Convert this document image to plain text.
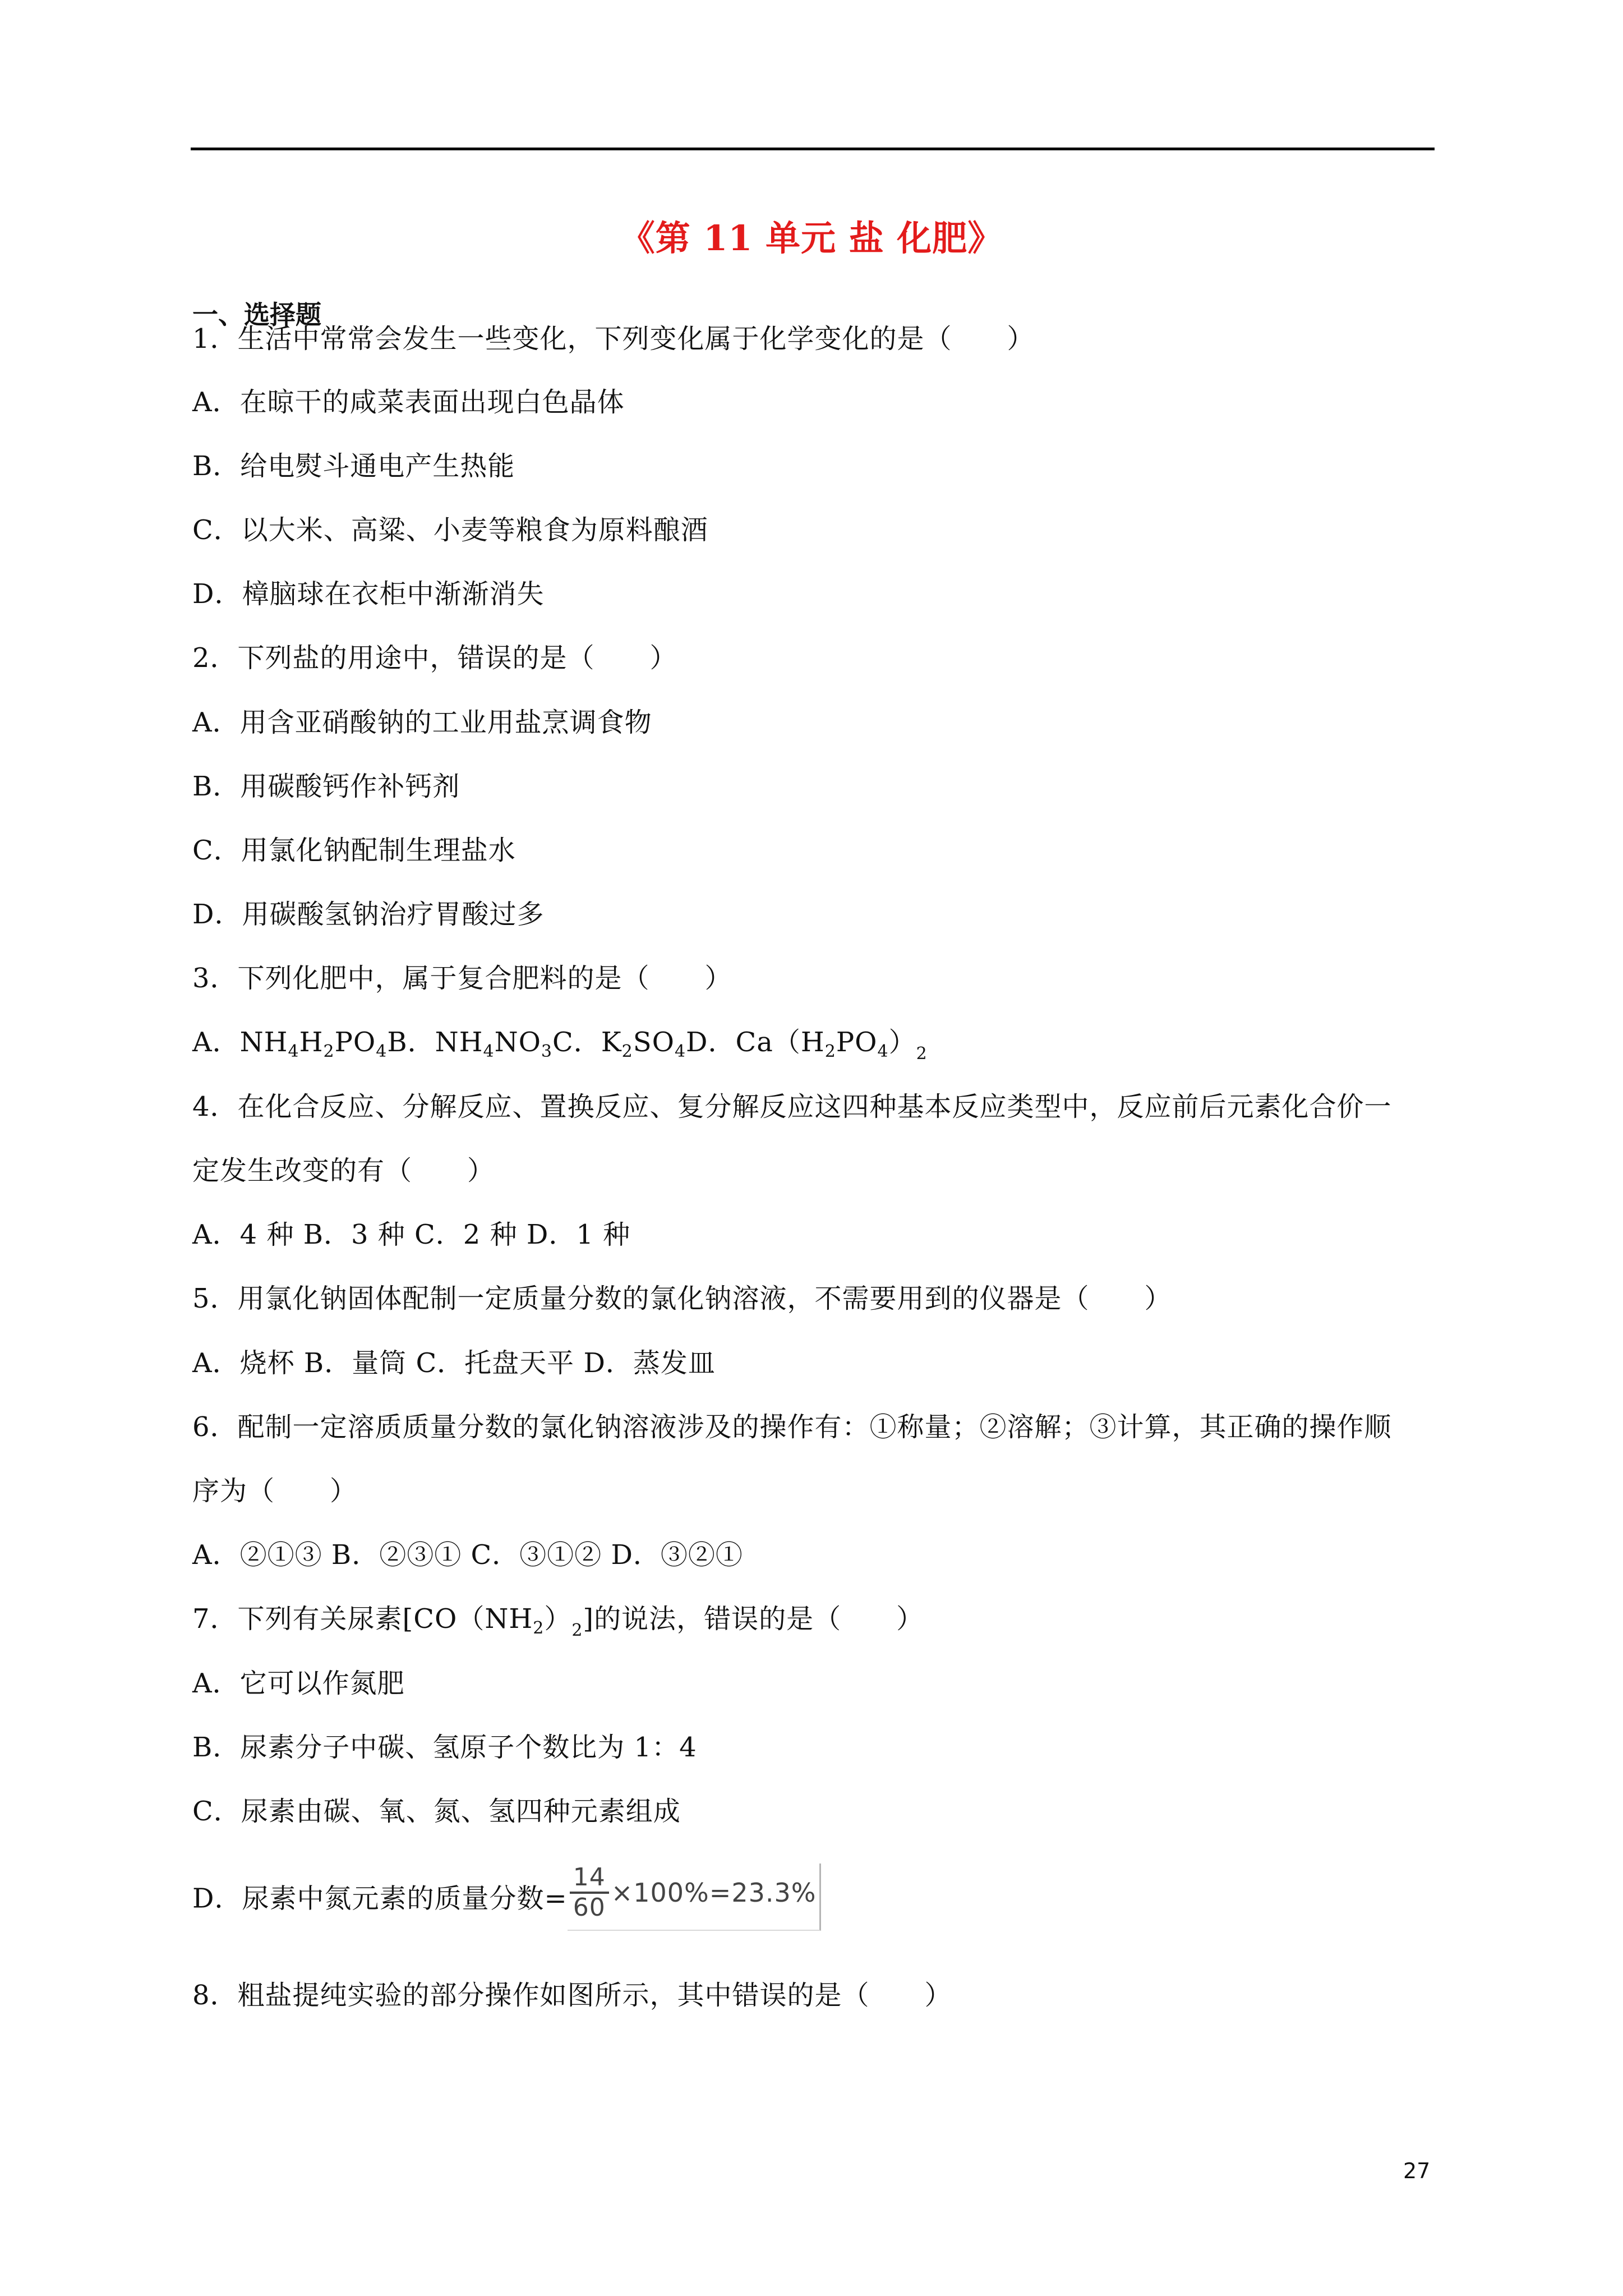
《第 11 单元 盐 化肥》
一、选择题
1．生活中常常会发生一些变化，下列变化属于化学变化的是（　　）
A．在晾干的咸菜表面出现白色晶体
B．给电熨斗通电产生热能
C．以大米、高粱、小麦等粮食为原料酿酒
D．樟脑球在衣柜中渐渐消失
2．下列盐的用途中，错误的是（　　）
A．用含亚硝酸钠的工业用盐烹调食物
B．用碳酸钙作补钙剂
C．用氯化钠配制生理盐水
D．用碳酸氢钠治疗胃酸过多
3．下列化肥中，属于复合肥料的是（　　）
A．$NH_4H_2PO_4B$．$NH_4NO_3C$．$K_2SO_4D$．$Ca(H_2PO_4)_2$
4．在化合反应、分解反应、置换反应、复分解反应这四种基本反应类型中，反应前后元素化合价一
定发生改变的有（　　）
A．4 种 B．3 种 C．2 种 D．1 种
5．用氯化钠固体配制一定质量分数的氯化钠溶液，不需要用到的仪器是（　　）
A．烧杯 B．量筒 C．托盘天平 D．蒸发皿
6．配制一定溶质质量分数的氯化钠溶液涉及的操作有：①称量；②溶解；③计算，其正确的操作顺
序为（　　）
A．②①③ B．②③① C．③①② D．③②①
7．下列有关尿素$[CO(NH_2)_2]$的说法，错误的是（　　）
A．它可以作氮肥
B．尿素分子中碳、氢原子个数比为 1：4
C．尿素由碳、氧、氮、氢四种元素组成
D．尿素中氮元素的质量分数= $\frac{14}{60} \times 100\%=23.3\%$
8．粗盐提纯实验的部分操作如图所示，其中错误的是（　　）
27
